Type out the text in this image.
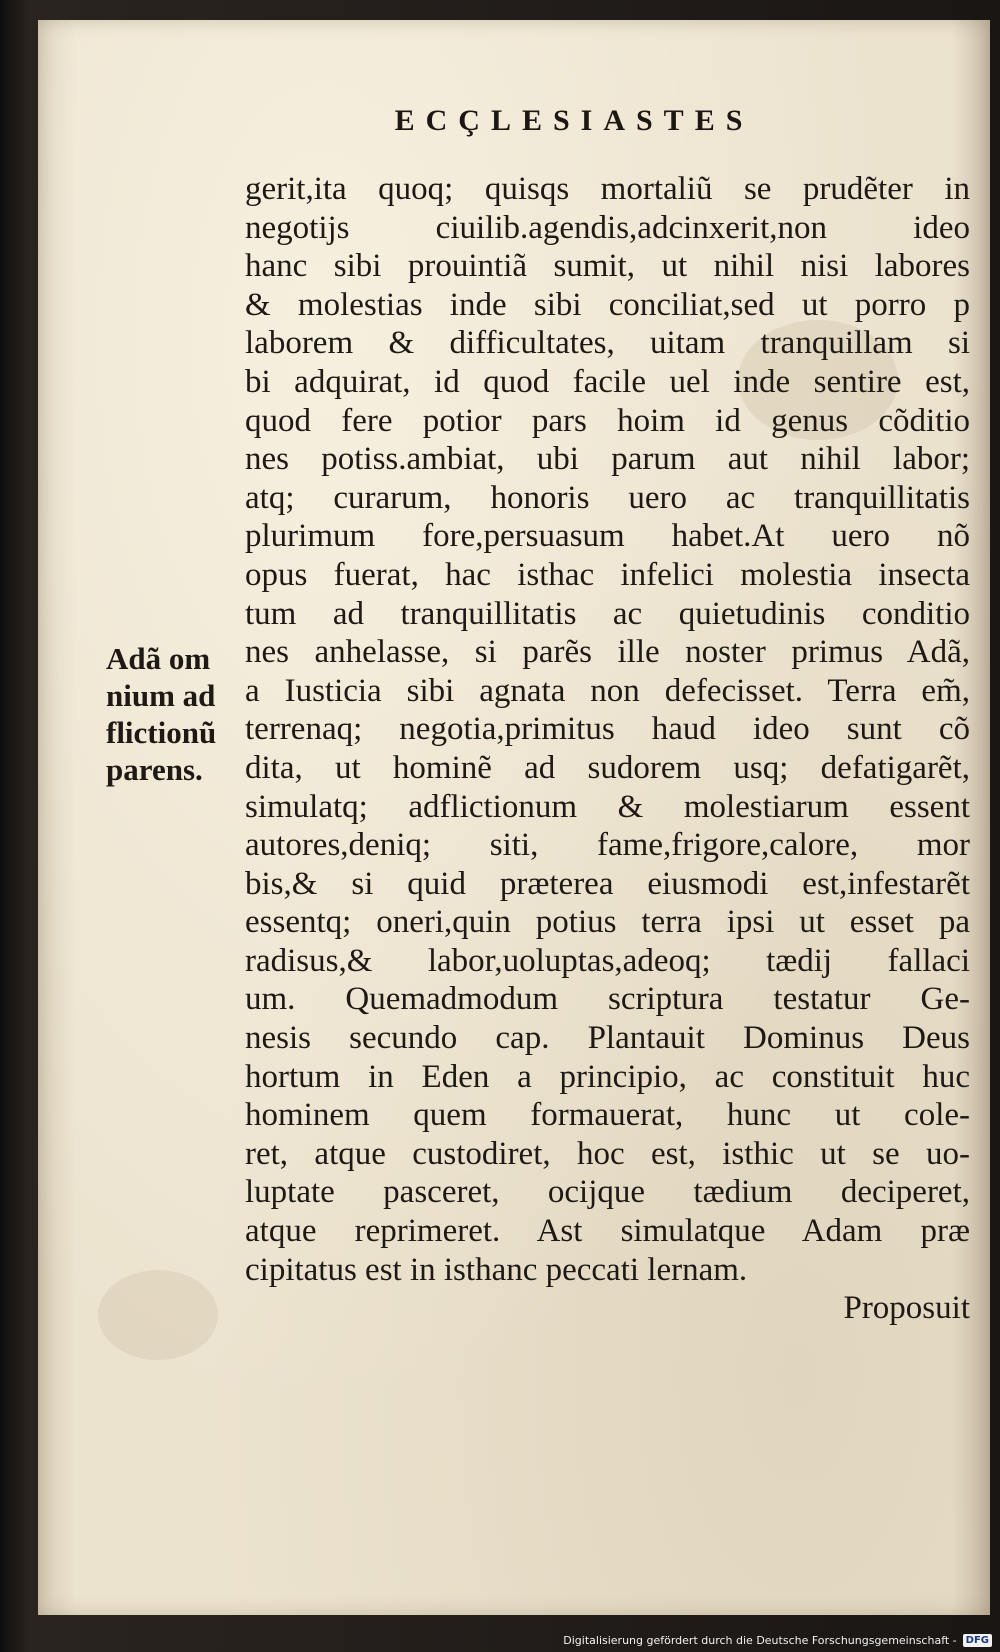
ECÇLESIASTES
Adã om
nium ad
flictionũ
parens.
gerit,ita quoq; quisqs mortaliũ se prudẽter in
negotijs ciuilib.agendis,adcinxerit,non ideo
hanc sibi prouintiã sumit, ut nihil nisi labores
& molestias inde sibi conciliat,sed ut porro p
laborem & difficultates, uitam tranquillam si
bi adquirat, id quod facile uel inde sentire est,
quod fere potior pars hoim id genus cõditio
nes potiss.ambiat, ubi parum aut nihil labor;
atq; curarum, honoris uero ac tranquillitatis
plurimum fore,persuasum habet.At uero nõ
opus fuerat, hac isthac infelici molestia insecta
tum ad tranquillitatis ac quietudinis conditio
nes anhelasse, si parẽs ille noster primus Adã,
a Iusticia sibi agnata non defecisset. Terra em̃,
terrenaq; negotia,primitus haud ideo sunt cõ
dita, ut hominẽ ad sudorem usq; defatigarẽt,
simulatq; adflictionum & molestiarum essent
autores,deniq; siti, fame,frigore,calore, mor
bis,& si quid præterea eiusmodi est,infestarẽt
essentq; oneri,quin potius terra ipsi ut esset pa
radisus,& labor,uoluptas,adeoq; tædij fallaci
um. Quemadmodum scriptura testatur Ge-
nesis secundo cap. Plantauit Dominus Deus
hortum in Eden a principio, ac constituit huc
hominem quem formauerat, hunc ut cole-
ret, atque custodiret, hoc est, isthic ut se uo-
luptate pasceret, ocijque tædium deciperet,
atque reprimeret. Ast simulatque Adam præ
cipitatus est in isthanc peccati lernam.
Proposuit
Digitalisierung gefördert durch die Deutsche Forschungsgemeinschaft - DFG
